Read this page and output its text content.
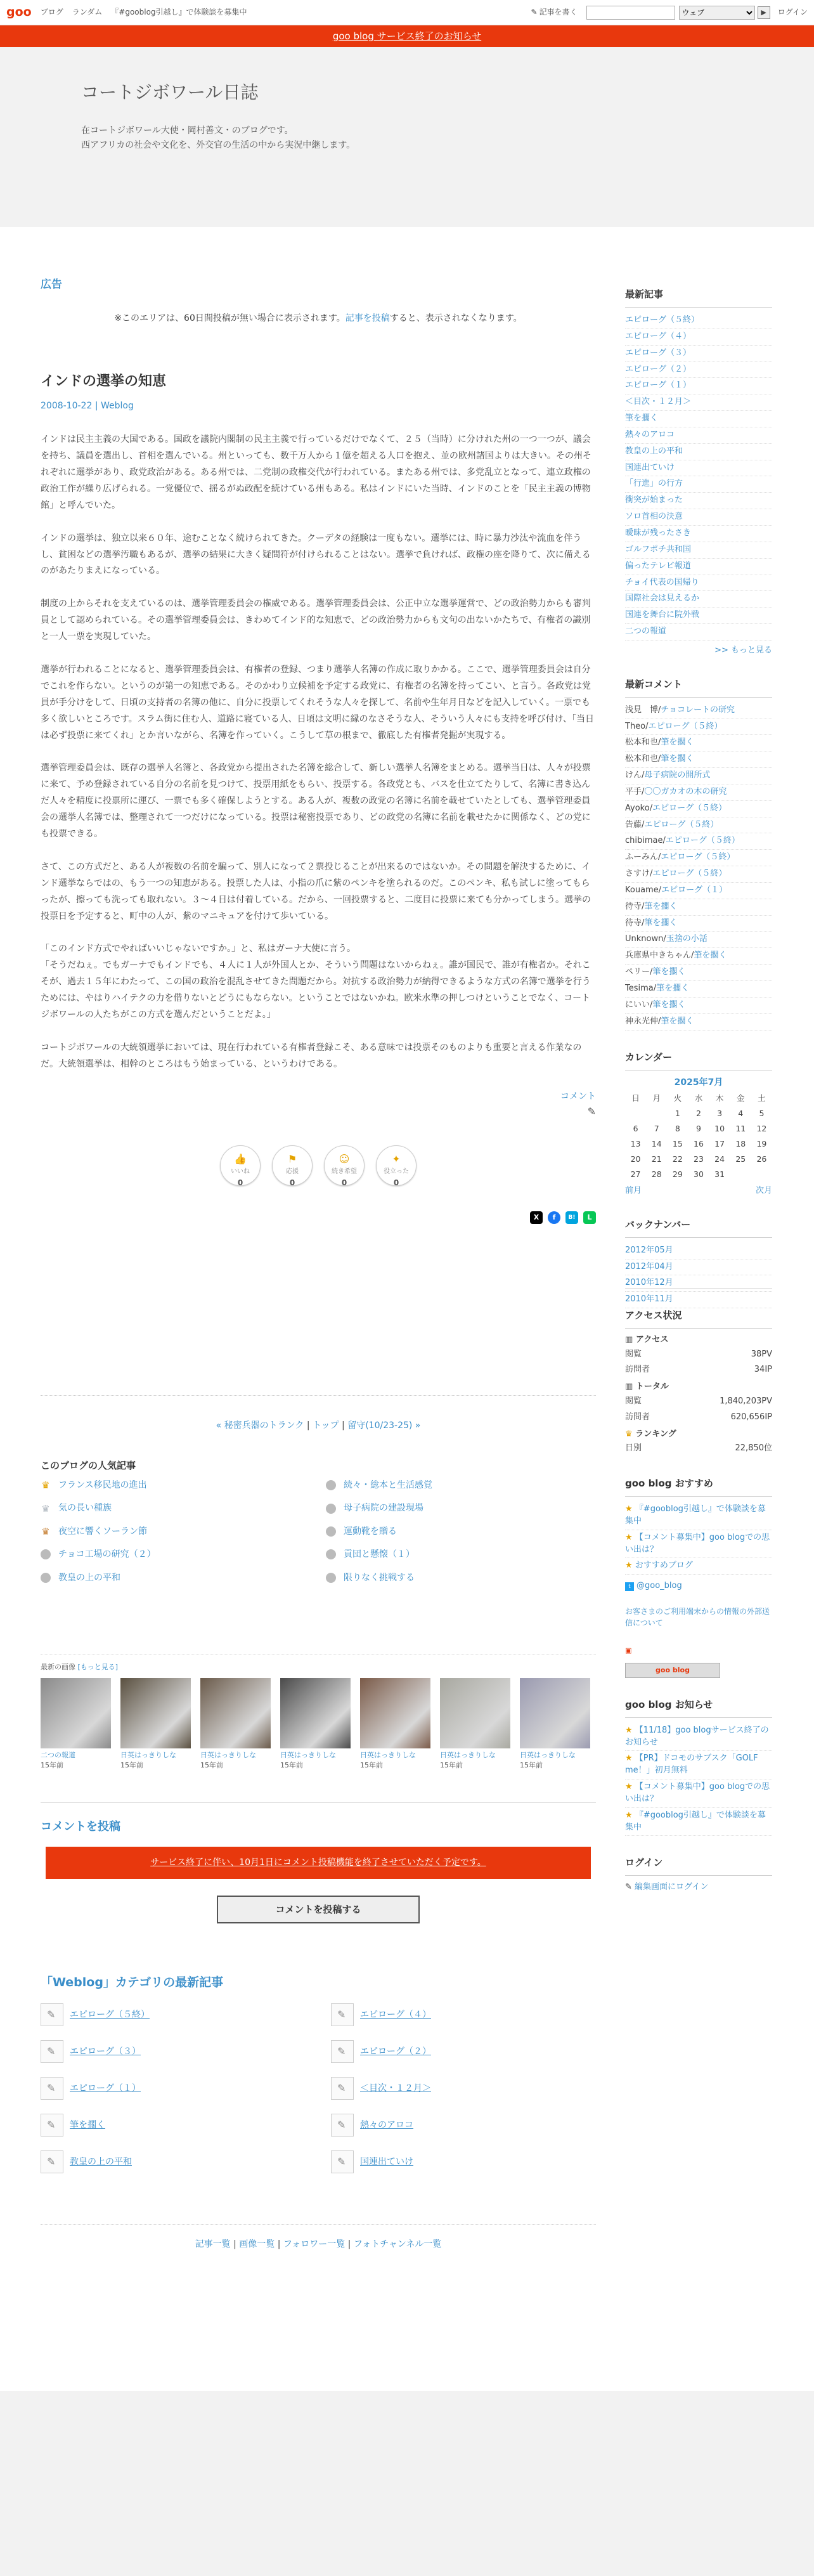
goo ブログ ランダム 『#gooblog引越し』で体験談を募集中	✎ 記事を書く
ウェブ	▶	ログイン
goo blog サービス終了のお知らせ
コートジボワール日誌

在コートジボワール大使・岡村善文・のブログです。

西アフリカの社会や文化を、外交官の生活の中から実況中継します。

広告
※このエリアは、60日間投稿が無い場合に表示されます。記事を投稿すると、表示されなくなります。
インドの選挙の知恵
2008-10-22 | Weblog

インドは民主主義の大国である。国政を議院内閣制の民主主義で行っているだけでなくて、２５（当時）に分けれた州の一つ一つが、議会を持ち、議員を選出し、首相を選んでいる。州といっても、数千万人から１億を超える人口を抱え、並の欧州諸国よりは大きい。その州それぞれに選挙があり、政党政治がある。ある州では、二党制の政権交代が行われている。またある州では、多党乱立となって、連立政権の政治工作が繰り広げられる。一党優位で、揺るがぬ政配を続けている州もある。私はインドにいた当時、インドのことを「民主主義の博物館」と呼んでいた。

インドの選挙は、独立以来６０年、途むことなく続けられてきた。クーデタの経験は一度もない。選挙には、時に暴力沙汰や流血を伴うし、貧困などの選挙汚職もあるが、選挙の結果に大きく疑問符が付けられることはない。選挙で負ければ、政権の座を降りて、次に備えるのがあたりまえになっている。

制度の上からそれを支えているのは、選挙管理委員会の権威である。選挙管理委員会は、公正中立な選挙運営で、どの政治勢力からも審判員として認められている。その選挙管理委員会は、きわめてインド的な知恵で、どの政治勢力からも文句の出ないかたちで、有権者の識別と一人一票を実現していた。

選挙が行われることになると、選挙管理委員会は、有権者の登録、つまり選挙人名簿の作成に取りかかる。ここで、選挙管理委員会は自分でこれを作らない。というのが第一の知恵である。そのかわり立候補を予定する政党に、有権者の名簿を持ってこい、と言う。各政党は党員が手分けをして、日頃の支持者の名簿の他に、自分に投票してくれそうな人々を探して、名前や生年月日などを記入していく。一票でも多く欲しいところです。スラム街に住む人、道路に寝ている人、日頃は文明に縁のなさそうな人、そういう人々にも支持を呼び付け、「当日は必ず投票に来てくれ」とか言いながら、名簿を作っていく。こうして草の根まで、徹底した有権者発掘が実現する。

選挙管理委員会は、既存の選挙人名簿と、各政党から提出された名簿を総合して、新しい選挙人名簿をまとめる。選挙当日は、人々が投票に来て、予め登録されている自分の名前を見つけて、投票用紙をもらい、投票する。各政党とも、バスを仕立てたりして、名簿に書き込んだ人々を精度に投票所に運び、一票でも多く確保しようとする。ある人が、複数の政党の名簿に名前を載せていたとしても、選挙管理委員会の選挙人名簿では、整理されて一つだけになっている。投票は秘密投票であり、どの政党の名簿に名前を載せたかに関係なく、どの党にも投票できる。

さて、この方式だと、ある人が複数の名前を騙って、別人になって２票投じることが出来るのではないか。その問題を解決するために、インド選挙ならではの、もう一つの知恵がある。投票した人は、小指の爪に紫のペンキを塗られるのだ。このペンキ、私も試しに塗ってもらったが、擦っても洗っても取れない。３～４日は付着している。だから、一回投票すると、二度目に投票に来ても分かってしまう。選挙の投票日を予定すると、町中の人が、紫のマニキュアを付けて歩いている。

「このインド方式でやればいいじゃないですか。」と、私はガーナ大使に言う。
「そうだねぇ。でもガーナでもインドでも、４人に１人が外国人とか、そういう問題はないからねぇ。誰が国民で、誰が有権者か。それこそが、過去１５年にわたって、この国の政治を混乱させてきた問題だから。対抗する政治勢力が納得できるような方式の名簿で選挙を行うためには、やはりハイテクの力を借りないとどうにもならない。ということではないかね。欧米水準の押しつけということでなく、コートジボワールの人たちがこの方式を選んだということだよ。」

コートジボワールの大統領選挙においては、現在行われている有権者登録こそ、ある意味では投票そのものよりも重要と言える作業なのだ。大統領選挙は、相幹のところはもう始まっている、というわけである。

コメント
✎
👍
いいね
0
⚑
応援
0
☺
続き希望
0
✦
役立った
0
X	f	B!	L
« 秘密兵器のトランク | トップ | 留守(10/23-25) »
このブログの人気記事
♛ フランス移民地の進出	続々・総本と生活感覚
♛ 気の長い種族	母子病院の建設現場
♛ 夜空に響くソーラン節	運動靴を贈る
チョコ工場の研究（２）	貢団と懸懐（１）
教皇の上の平和	限りなく挑戦する
最新の画像 [もっと見る]
二つの報道
15年前
日英はっきりしな
15年前
日英はっきりしな
15年前
日英はっきりしな
15年前
日英はっきりしな
15年前
日英はっきりしな
15年前
日英はっきりしな
15年前
コメントを投稿
サービス終了に伴い、10月1日にコメント投稿機能を終了させていただく予定です。
コメントを投稿する
「Weblog」カテゴリの最新記事
✎
エピローグ（５終） ✎	エピローグ（４）
✎
エピローグ（３） ✎	エピローグ（２）
✎
エピローグ（１） ✎	＜目次・１２月＞
✎
筆を擱く ✎	熱々のアロコ
✎
教皇の上の平和 ✎	国連出ていけ
記事一覧 | 画像一覧 | フォロワー一覧 | フォトチャンネル一覧
最新記事
エピローグ（５終）
エピローグ（４）
エピローグ（３）
エピローグ（２）
エピローグ（１）
＜目次・１２月＞
筆を擱く
熱々のアロコ
教皇の上の平和
国連出ていけ
「行進」の行方
衝突が始まった
ソロ首相の決意
曖昧が残ったさき
ゴルフポチ共和国
偏ったテレビ報道
チョイ代表の国帰り
国際社会は見えるか
国連を舞台に院外戦
二つの報道
>> もっと見る
最新コメント
浅見　博/チョコレートの研究
Theo/エピローグ（５終）
松本和也/筆を擱く
松本和也/筆を擱く
けん/母子病院の開所式
平手/〇〇ガカオの木の研究
Ayoko/エピローグ（５終）
告藤/エピローグ（５終）
chibimae/エピローグ（５終）
ふーみん/エピローグ（５終）
さすけ/エピローグ（５終）
Kouame/エピローグ（１）
待寺/筆を擱く
待寺/筆を擱く
Unknown/玉捨の小話
兵庫県中きちゃん/筆を擱く
ペリー/筆を擱く
Tesima/筆を擱く
にいい/筆を擱く
神永光伸/筆を擱く
カレンダー
2025年7月
日	月	火	水	木	金	土
		1	2	3	4	5
6	7	8	9	10	11	12
13	14	15	16	17	18	19
20	21	22	23	24	25	26
27	28	29	30	31		
前月	次月
バックナンバー
2012年05月
2012年04月
2010年12月
2010年11月
アクセス状況
▥ アクセス
閲覧	38PV
訪問者	34IP
▥ トータル
閲覧	1,840,203PV
訪問者	620,656IP
♛ ランキング
日別	22,850位
goo blog おすすめ
★ 『#gooblog引越し』で体験談を募集中
★ 【コメント募集中】goo blogでの思い出は？
★ おすすめブログ
t @goo_blog
お客さまのご利用端末からの情報の外部送信について
▣
goo blog
goo blog お知らせ
★ 【11/18】goo blogサービス終了のお知らせ
★ 【PR】ドコモのサブスク「GOLF me！」初月無料
★ 【コメント募集中】goo blogでの思い出は？
★ 『#gooblog引越し』で体験談を募集中
ログイン
✎ 編集画面にログイン
